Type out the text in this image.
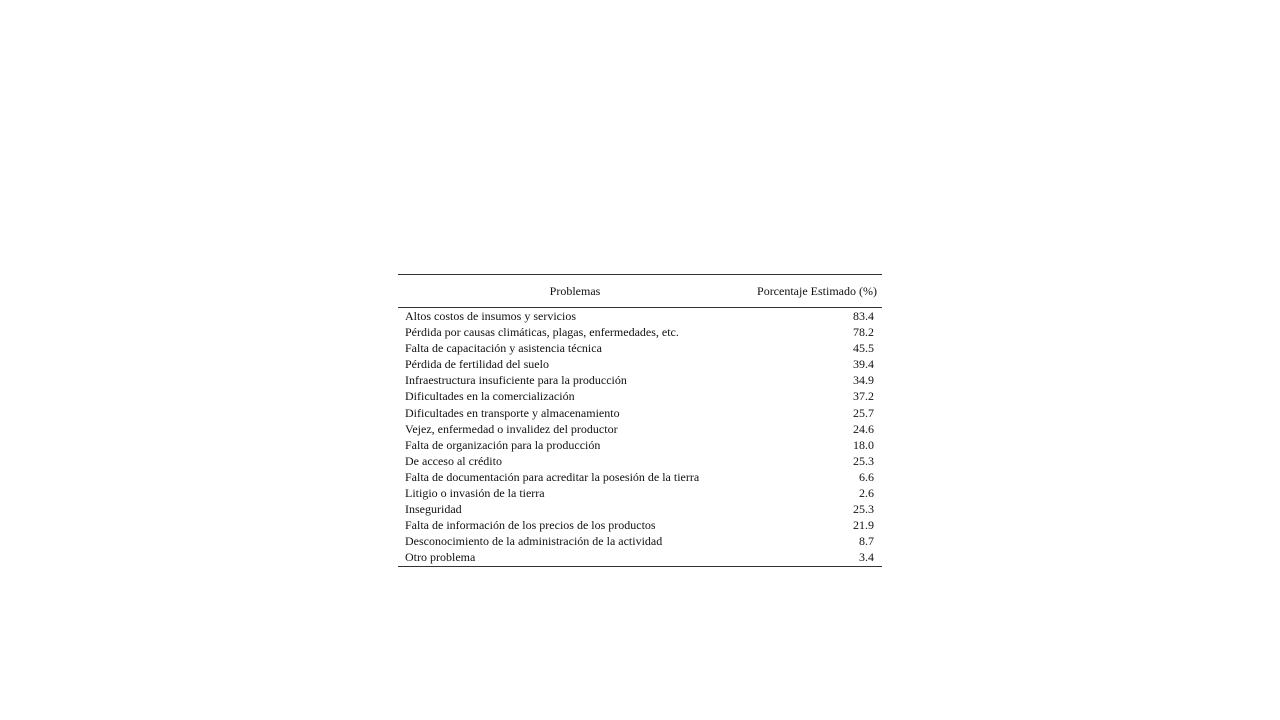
Problemas	Porcentaje Estimado (%)
Altos costos de insumos y servicios	83.4
Pérdida por causas climáticas, plagas, enfermedades, etc.	78.2
Falta de capacitación y asistencia técnica	45.5
Pérdida de fertilidad del suelo	39.4
Infraestructura insuficiente para la producción	34.9
Dificultades en la comercialización	37.2
Dificultades en transporte y almacenamiento	25.7
Vejez, enfermedad o invalidez del productor	24.6
Falta de organización para la producción	18.0
De acceso al crédito	25.3
Falta de documentación para acreditar la posesión de la tierra	6.6
Litigio o invasión de la tierra	2.6
Inseguridad	25.3
Falta de información de los precios de los productos	21.9
Desconocimiento de la administración de la actividad	8.7
Otro problema	3.4
